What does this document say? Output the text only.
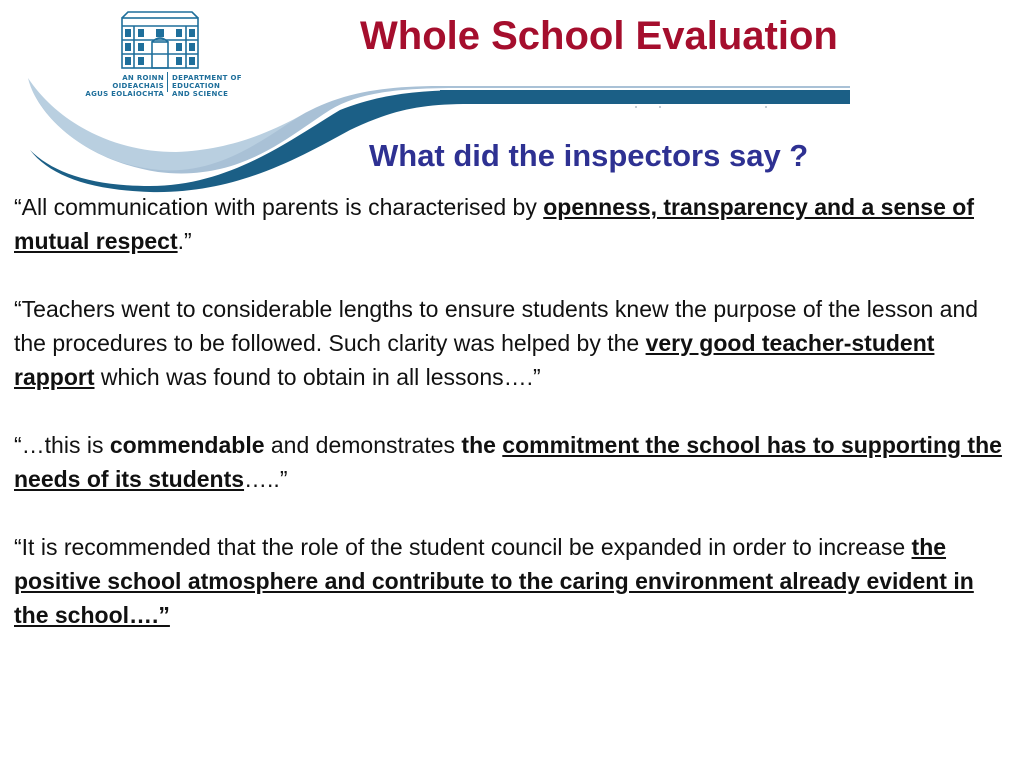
AN ROINN
OIDEACHAIS
AGUS EOLAÍOCHTA
DEPARTMENT OF
EDUCATION
AND SCIENCE
Whole School Evaluation
What did the inspectors say ?

“All communication with parents is characterised by openness, transparency and a sense of mutual respect.”

“Teachers went to considerable lengths to ensure students knew the purpose of the lesson and the procedures to be followed. Such clarity was helped by the very good teacher-student rapport which was found to obtain in all lessons….”

“…this is commendable and demonstrates the commitment the school has to supporting the needs of its students…..”

“It is recommended that the role of the student council be expanded in order to increase the positive school atmosphere and contribute to the caring environment already evident in the school….”
